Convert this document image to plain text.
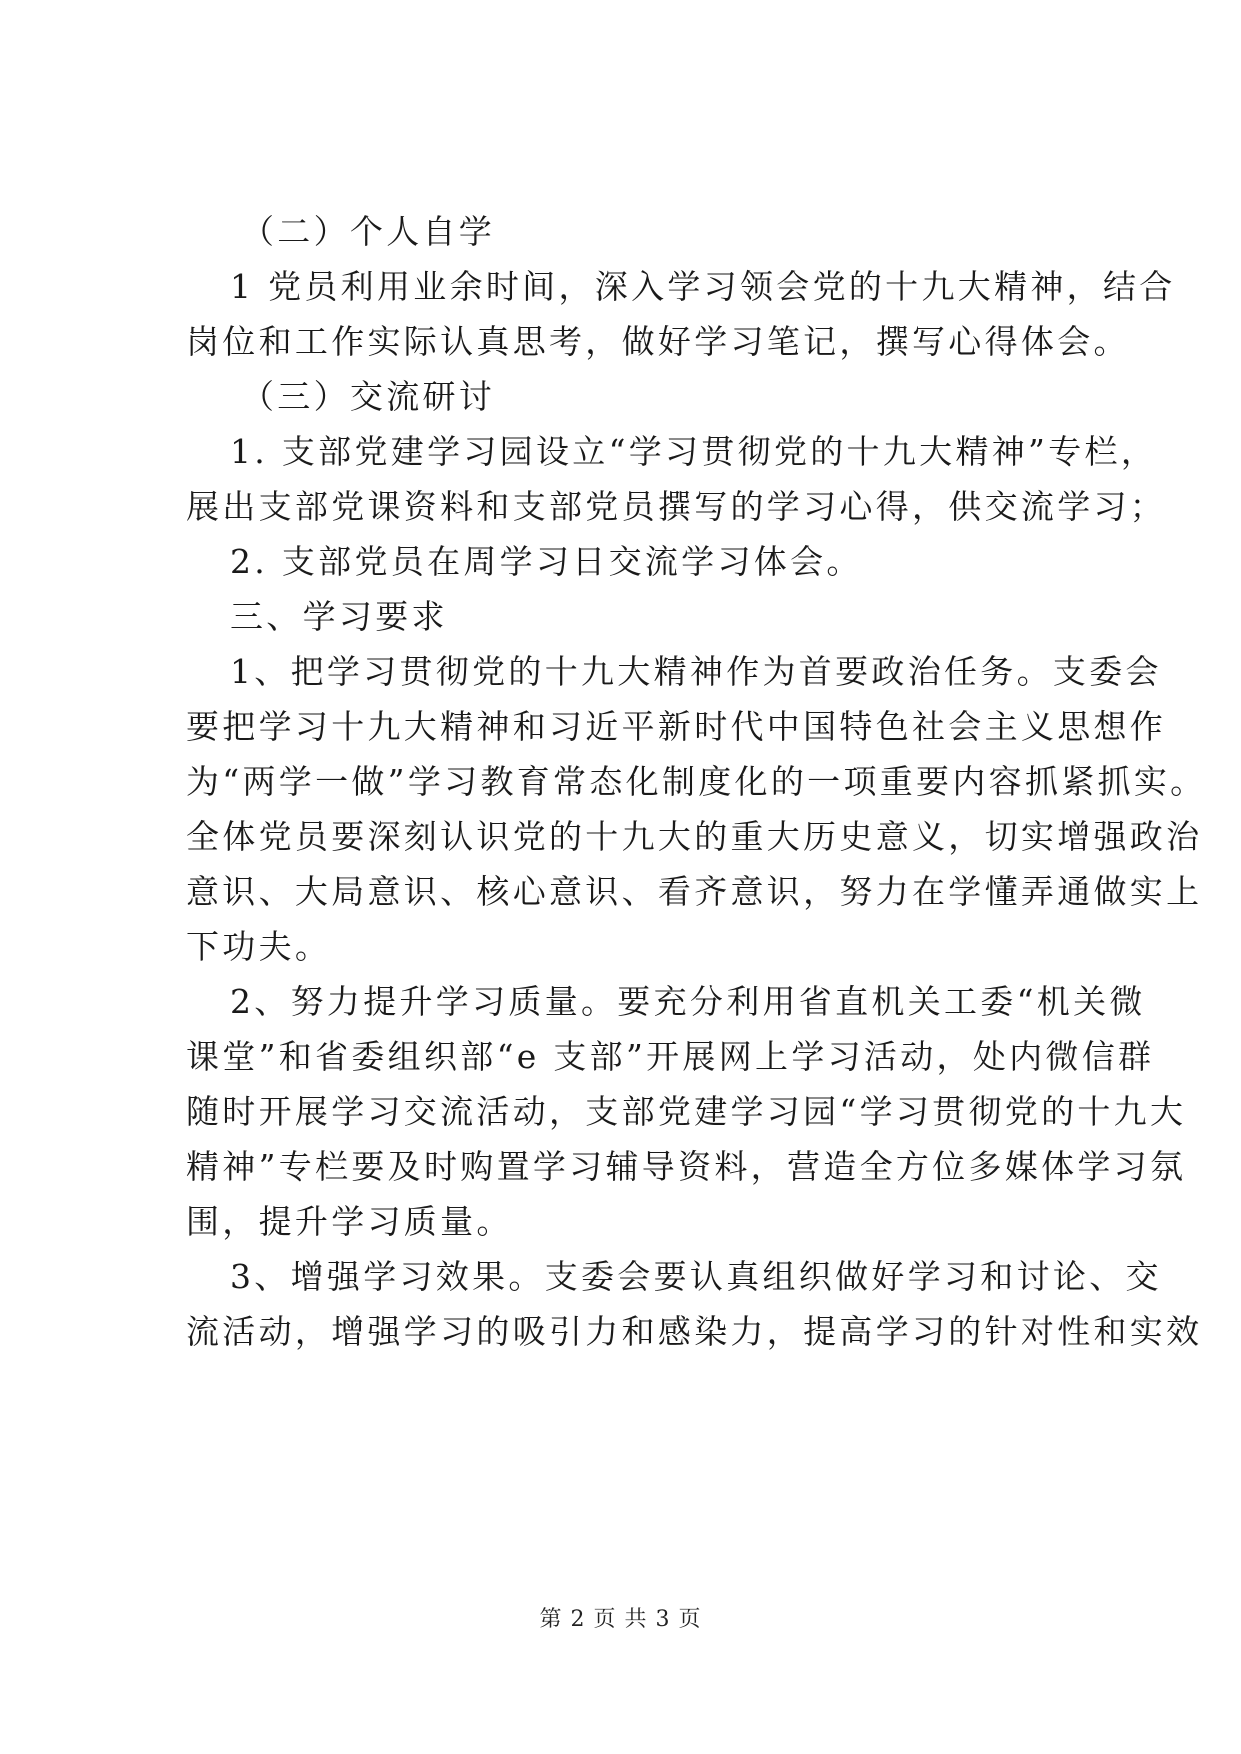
（二）个人自学
1 党员利用业余时间，深入学习领会党的十九大精神，结合
岗位和工作实际认真思考，做好学习笔记，撰写心得体会。
（三）交流研讨
1. 支部党建学习园设立“学习贯彻党的十九大精神”专栏，
展出支部党课资料和支部党员撰写的学习心得，供交流学习；
2. 支部党员在周学习日交流学习体会。
三、学习要求
1、把学习贯彻党的十九大精神作为首要政治任务。支委会
要把学习十九大精神和习近平新时代中国特色社会主义思想作
为“两学一做”学习教育常态化制度化的一项重要内容抓紧抓实。
全体党员要深刻认识党的十九大的重大历史意义，切实增强政治
意识、大局意识、核心意识、看齐意识，努力在学懂弄通做实上
下功夫。
2、努力提升学习质量。要充分利用省直机关工委“机关微
课堂”和省委组织部“e 支部”开展网上学习活动，处内微信群
随时开展学习交流活动，支部党建学习园“学习贯彻党的十九大
精神”专栏要及时购置学习辅导资料，营造全方位多媒体学习氛
围，提升学习质量。
3、增强学习效果。支委会要认真组织做好学习和讨论、交
流活动，增强学习的吸引力和感染力，提高学习的针对性和实效
第 2 页 共 3 页
